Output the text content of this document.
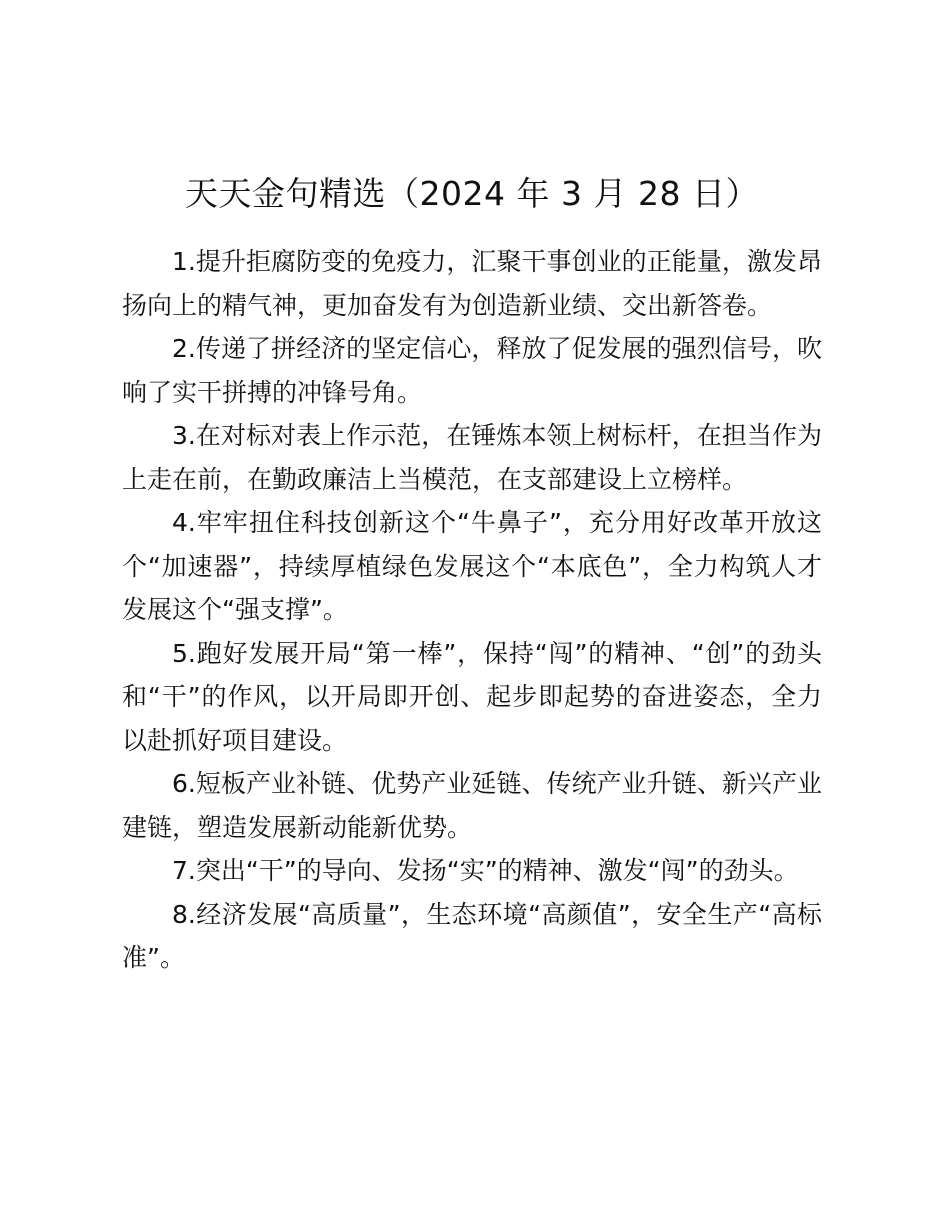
天天金句精选（2024 年 3 月 28 日）

1.提升拒腐防变的免疫力，汇聚干事创业的正能量，激发昂扬向上的精气神，更加奋发有为创造新业绩、交出新答卷。

2.传递了拼经济的坚定信心，释放了促发展的强烈信号，吹响了实干拼搏的冲锋号角。

3.在对标对表上作示范，在锤炼本领上树标杆，在担当作为上走在前，在勤政廉洁上当模范，在支部建设上立榜样。

4.牢牢扭住科技创新这个“牛鼻子”，充分用好改革开放这个“加速器”，持续厚植绿色发展这个“本底色”，全力构筑人才发展这个“强支撑”。

5.跑好发展开局“第一棒”，保持“闯”的精神、“创”的劲头和“干”的作风，以开局即开创、起步即起势的奋进姿态，全力以赴抓好项目建设。

6.短板产业补链、优势产业延链、传统产业升链、新兴产业建链，塑造发展新动能新优势。

7.突出“干”的导向、发扬“实”的精神、激发“闯”的劲头。

8.经济发展“高质量”，生态环境“高颜值”，安全生产“高标准”。
